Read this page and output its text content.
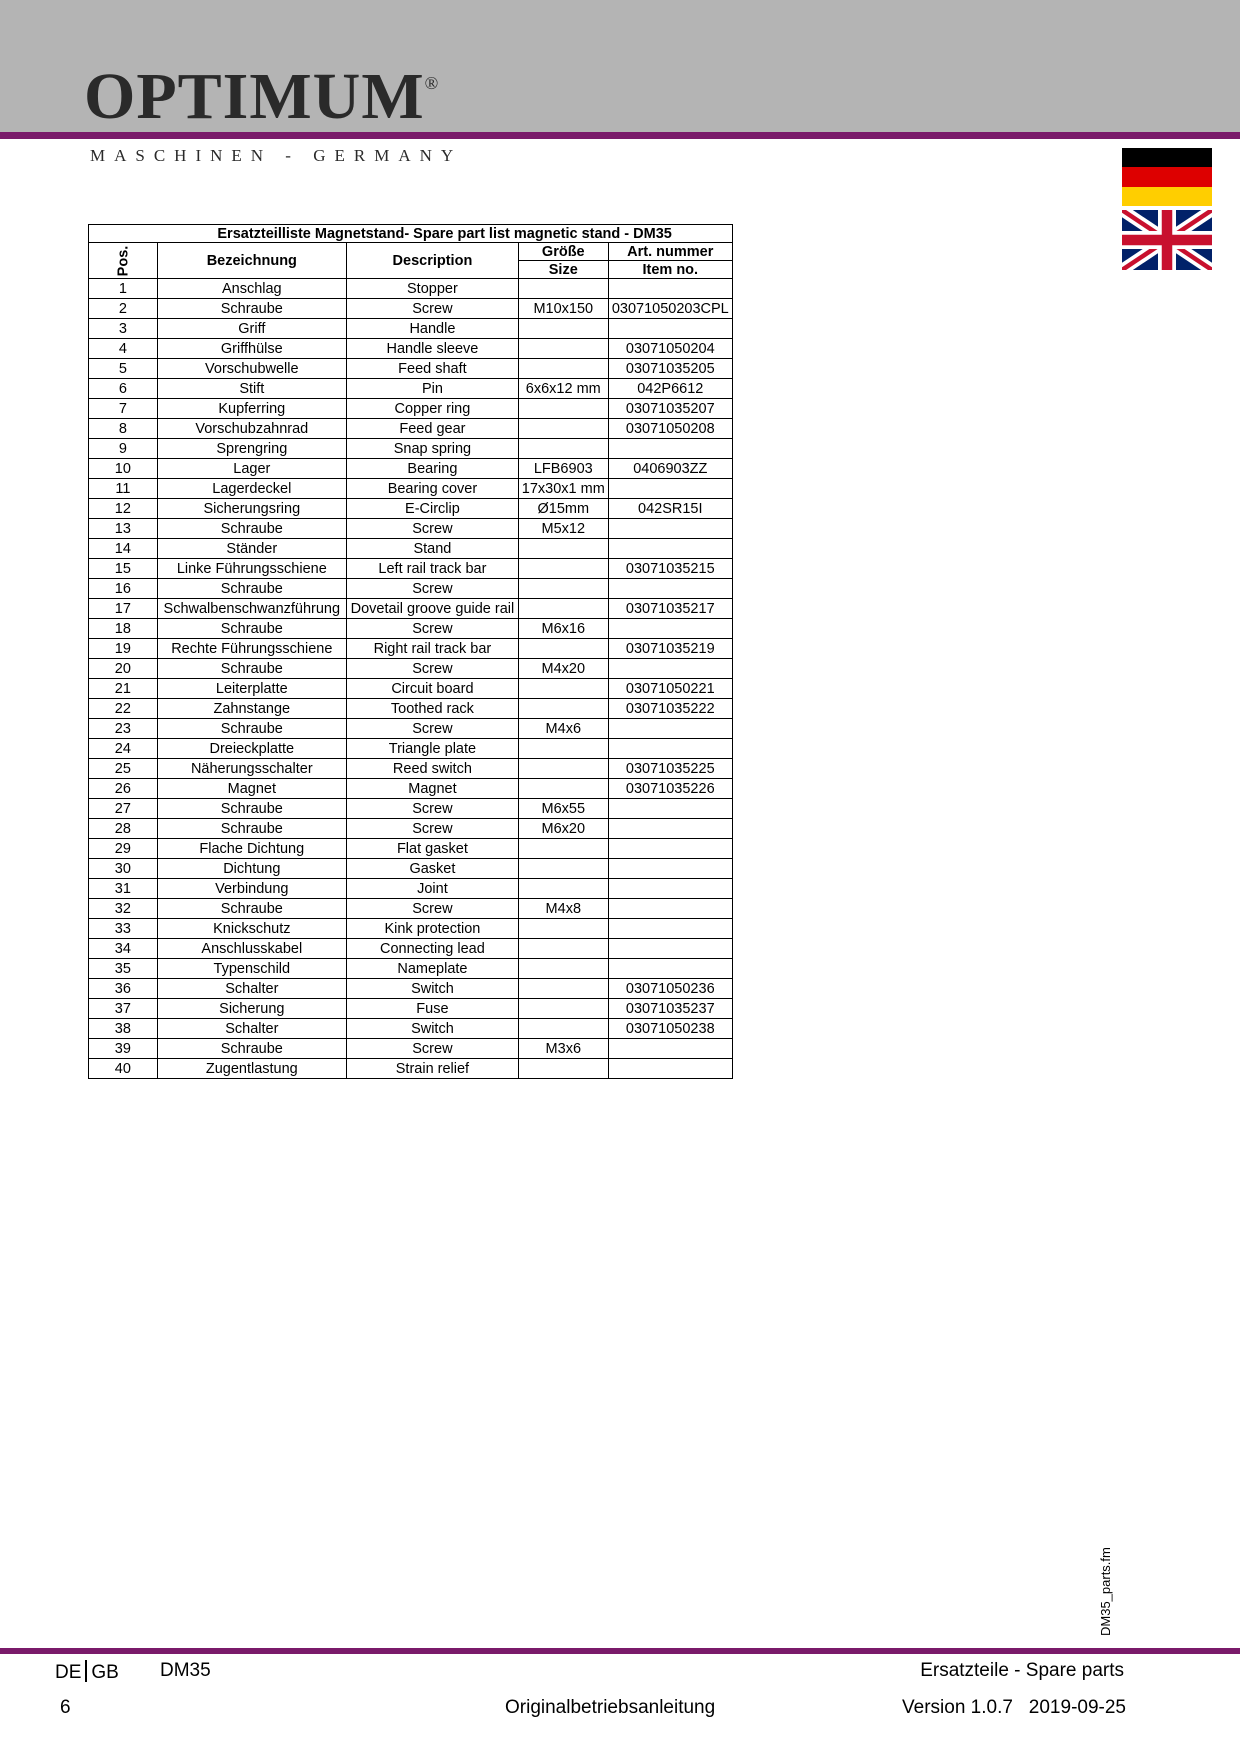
OPTIMUM®
MASCHINEN - GERMANY
	Ersatzteilliste Magnetstand- Spare part list magnetic stand - DM35			
Pos.	Bezeichnung	Description	Größe	Art. nummer
			Size	Item no.
1	Anschlag	Stopper		
2	Schraube	Screw	M10x150	03071050203CPL
3	Griff	Handle		
4	Griffhülse	Handle sleeve		03071050204
5	Vorschubwelle	Feed shaft		03071035205
6	Stift	Pin	6x6x12 mm	042P6612
7	Kupferring	Copper ring		03071035207
8	Vorschubzahnrad	Feed gear		03071050208
9	Sprengring	Snap spring		
10	Lager	Bearing	LFB6903	0406903ZZ
11	Lagerdeckel	Bearing cover	17x30x1 mm	
12	Sicherungsring	E-Circlip	Ø15mm	042SR15I
13	Schraube	Screw	M5x12	
14	Ständer	Stand		
15	Linke Führungsschiene	Left rail track bar		03071035215
16	Schraube	Screw		
17	Schwalbenschwanzführung	Dovetail groove guide rail		03071035217
18	Schraube	Screw	M6x16	
19	Rechte Führungsschiene	Right rail track bar		03071035219
20	Schraube	Screw	M4x20	
21	Leiterplatte	Circuit board		03071050221
22	Zahnstange	Toothed rack		03071035222
23	Schraube	Screw	M4x6	
24	Dreieckplatte	Triangle plate		
25	Näherungsschalter	Reed switch		03071035225
26	Magnet	Magnet		03071035226
27	Schraube	Screw	M6x55	
28	Schraube	Screw	M6x20	
29	Flache Dichtung	Flat gasket		
30	Dichtung	Gasket		
31	Verbindung	Joint		
32	Schraube	Screw	M4x8	
33	Knickschutz	Kink protection		
34	Anschlusskabel	Connecting lead		
35	Typenschild	Nameplate		
36	Schalter	Switch		03071050236
37	Sicherung	Fuse		03071035237
38	Schalter	Switch		03071050238
39	Schraube	Screw	M3x6	
40	Zugentlastung	Strain relief		
DM35_parts.fm
DE GB DM35	Ersatzteile - Spare parts
6	Originalbetriebsanleitung	Version 1.0.7 2019-09-25
